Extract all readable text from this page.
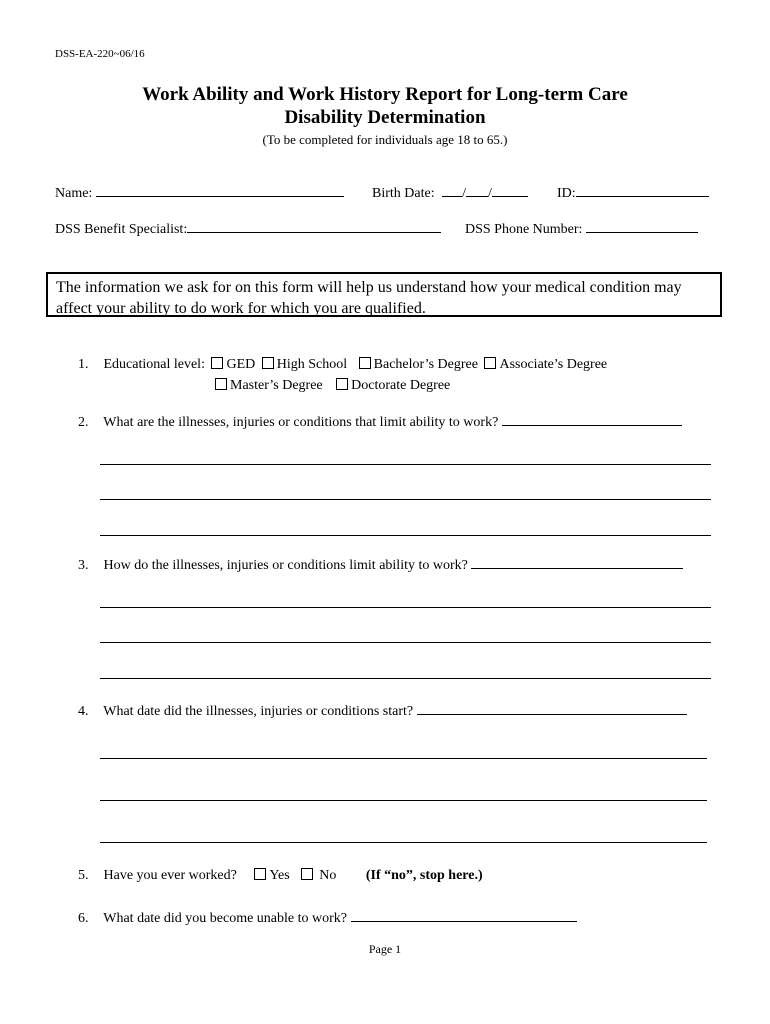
DSS-EA-220~06/16
Work Ability and Work History Report for Long-term Care
Disability Determination
(To be completed for individuals age 18 to 65.)
Name:	Birth Date: / /	ID:
DSS Benefit Specialist:	DSS Phone Number:
The information we ask for on this form will help us understand how your medical condition may affect your ability to do work for which you are qualified.
1. Educational level: GED High School Bachelor’s Degree Associate’s Degree
Master’s Degree Doctorate Degree
2. What are the illnesses, injuries or conditions that limit ability to work?
3. How do the illnesses, injuries or conditions limit ability to work?
4. What date did the illnesses, injuries or conditions start?
5. Have you ever worked? Yes No (If “no”, stop here.)
6. What date did you become unable to work?
Page 1
